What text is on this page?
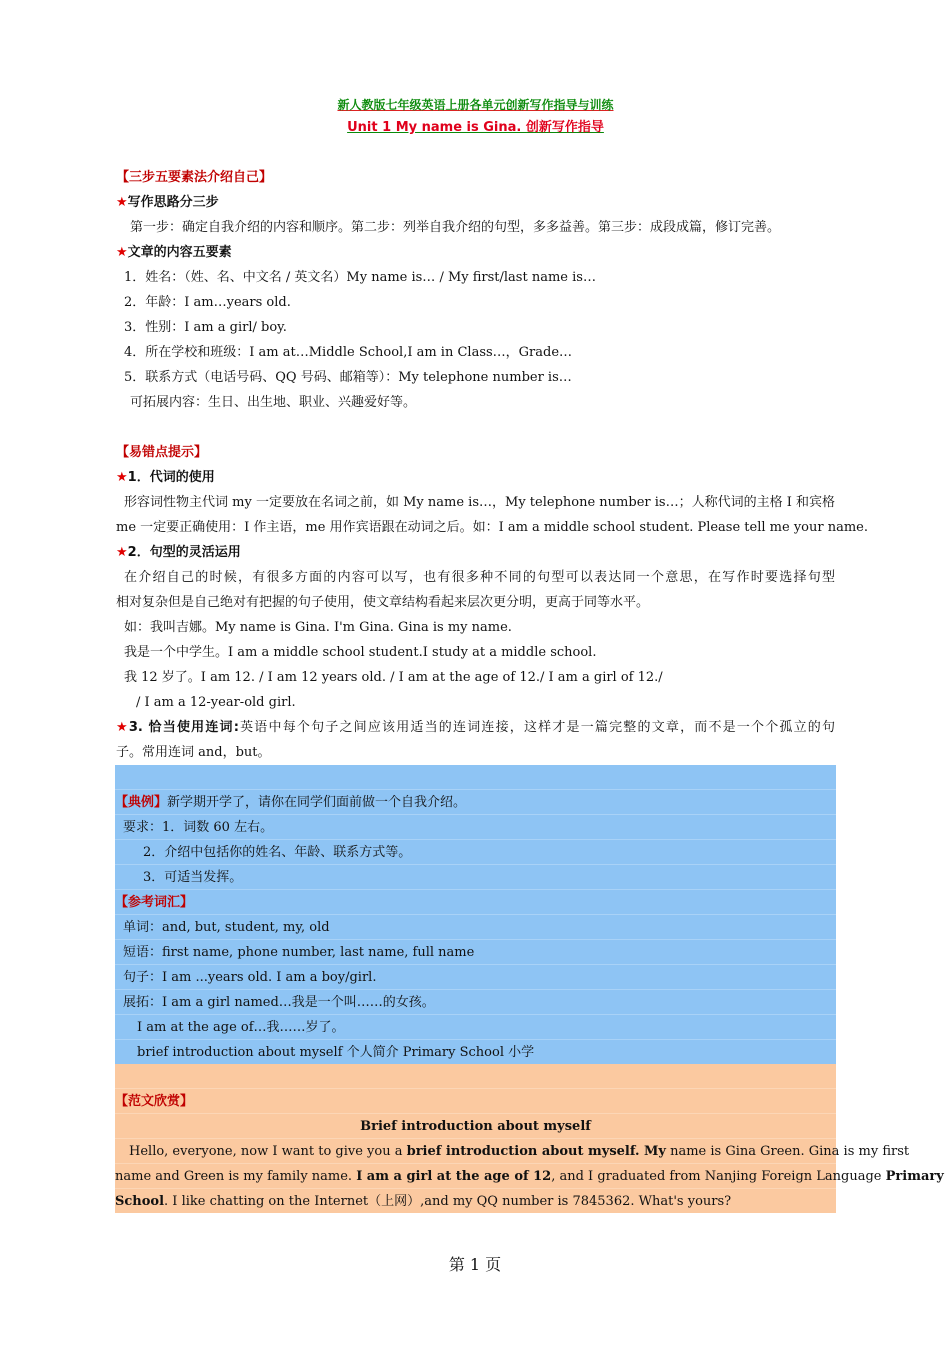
新人教版七年级英语上册各单元创新写作指导与训练
Unit 1 My name is Gina. 创新写作指导
【三步五要素法介绍自己】
★写作思路分三步
第一步：确定自我介绍的内容和顺序。第二步：列举自我介绍的句型，多多益善。第三步：成段成篇，修订完善。
★文章的内容五要素
1．姓名：（姓、名、中文名 / 英文名）My name is… / My first/last name is…
2．年龄：I am…years old.
3．性别：I am a girl/ boy.
4．所在学校和班级：I am at…Middle School,I am in Class…，Grade…
5．联系方式（电话号码、QQ 号码、邮箱等）：My telephone number is…
可拓展内容：生日、出生地、职业、兴趣爱好等。
【易错点提示】
★1．代词的使用
形容词性物主代词 my 一定要放在名词之前，如 My name is…，My telephone number is…；人称代词的主格 I 和宾格
me 一定要正确使用：I 作主语，me 用作宾语跟在动词之后。如：I am a middle school student. Please tell me your name.
★2．句型的灵活运用
在介绍自己的时候，有很多方面的内容可以写，也有很多种不同的句型可以表达同一个意思，在写作时要选择句型
相对复杂但是自己绝对有把握的句子使用，使文章结构看起来层次更分明，更高于同等水平。
如：我叫吉娜。My name is Gina. I'm Gina. Gina is my name.
我是一个中学生。I am a middle school student.I study at a middle school.
我 12 岁了。I am 12. / I am 12 years old. / I am at the age of 12./ I am a girl of 12./
/ I am a 12-year-old girl.
★3. 恰当使用连词:英语中每个句子之间应该用适当的连词连接，这样才是一篇完整的文章，而不是一个个孤立的句
子。常用连词 and，but。
【典例】新学期开学了，请你在同学们面前做一个自我介绍。
要求：1．词数 60 左右。
2．介绍中包括你的姓名、年龄、联系方式等。
3．可适当发挥。
【参考词汇】
单词：and, but, student, my, old
短语：first name, phone number, last name, full name
句子：I am ...years old. I am a boy/girl.
展拓：I am a girl named…我是一个叫……的女孩。
I am at the age of…我……岁了。
brief introduction about myself 个人简介 Primary School 小学
【范文欣赏】
Brief introduction about myself
Hello, everyone, now I want to give you a brief introduction about myself. My name is Gina Green. Gina is my first
name and Green is my family name. I am a girl at the age of 12, and I graduated from Nanjing Foreign Language Primary
School. I like chatting on the Internet（上网）,and my QQ number is 7845362. What's yours?
第 1 页
